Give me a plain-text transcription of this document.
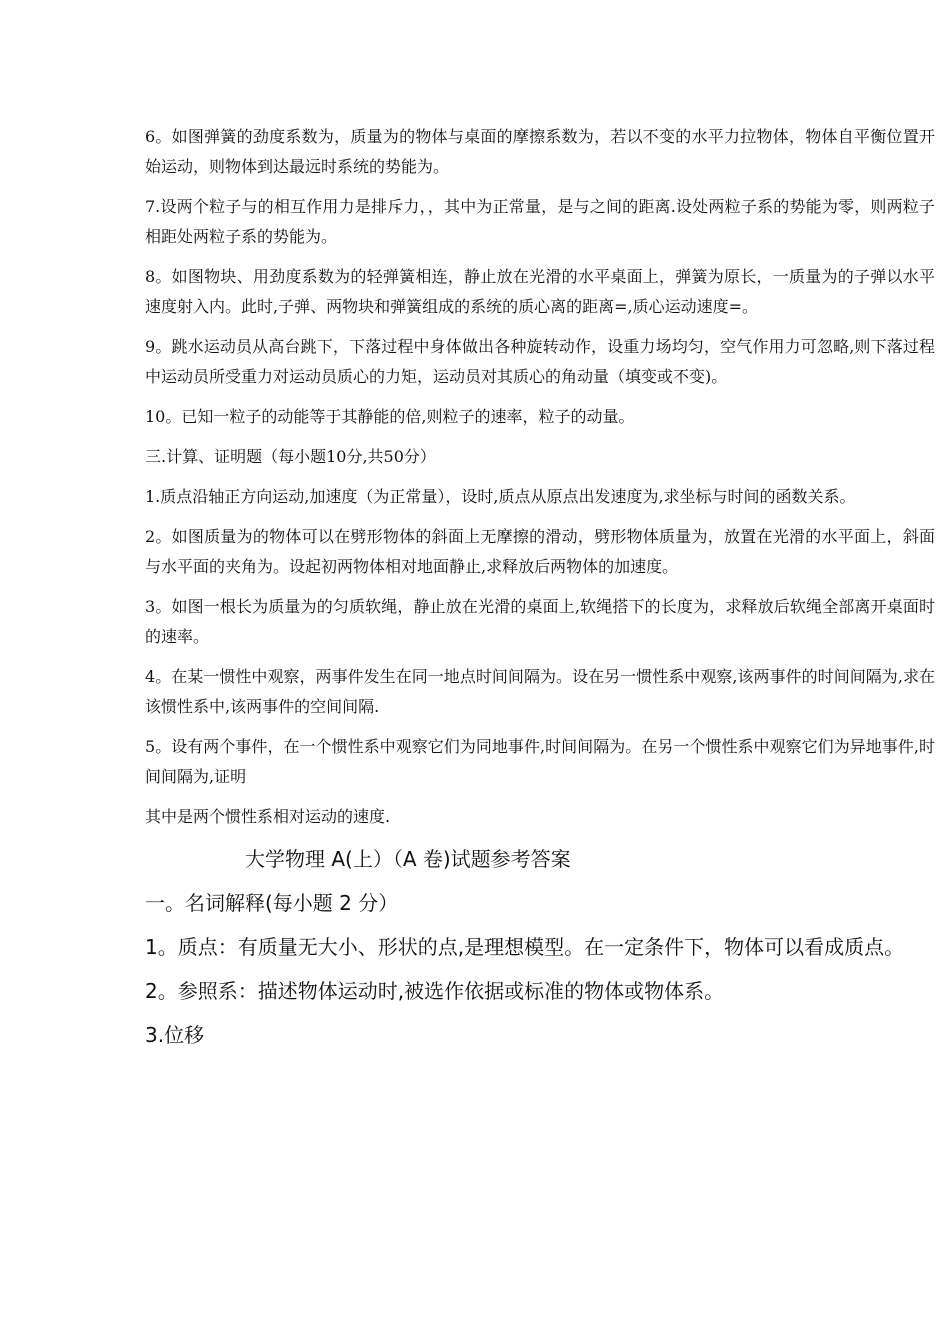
6。如图弹簧的劲度系数为，质量为的物体与桌面的摩擦系数为，若以不变的水平力拉物体，物体自平衡位置开始运动，则物体到达最远时系统的势能为。

7.设两个粒子与的相互作用力是排斥力，，其中为正常量，是与之间的距离.设处两粒子系的势能为零，则两粒子相距处两粒子系的势能为。

8。如图物块、用劲度系数为的轻弹簧相连，静止放在光滑的水平桌面上，弹簧为原长，一质量为的子弹以水平速度射入内。此时,子弹、两物块和弹簧组成的系统的质心离的距离=,质心运动速度=。

9。跳水运动员从高台跳下，下落过程中身体做出各种旋转动作，设重力场均匀，空气作用力可忽略,则下落过程中运动员所受重力对运动员质心的力矩，运动员对其质心的角动量（填变或不变)。

10。已知一粒子的动能等于其静能的倍,则粒子的速率，粒子的动量。

三.计算、证明题（每小题10分,共50分）

1.质点沿轴正方向运动,加速度（为正常量），设时,质点从原点出发速度为,求坐标与时间的函数关系。

2。如图质量为的物体可以在劈形物体的斜面上无摩擦的滑动，劈形物体质量为，放置在光滑的水平面上，斜面与水平面的夹角为。设起初两物体相对地面静止,求释放后两物体的加速度。

3。如图一根长为质量为的匀质软绳，静止放在光滑的桌面上,软绳搭下的长度为，求释放后软绳全部离开桌面时的速率。

4。在某一惯性中观察，两事件发生在同一地点时间间隔为。设在另一惯性系中观察,该两事件的时间间隔为,求在该惯性系中,该两事件的空间间隔.

5。设有两个事件，在一个惯性系中观察它们为同地事件,时间间隔为。在另一个惯性系中观察它们为异地事件,时间间隔为,证明

其中是两个惯性系相对运动的速度.

大学物理 A(上）（A 卷)试题参考答案

一。名词解释(每小题 2 分）

1。质点：有质量无大小、形状的点,是理想模型。在一定条件下，物体可以看成质点。

2。参照系：描述物体运动时,被选作依据或标准的物体或物体系。

3.位移
